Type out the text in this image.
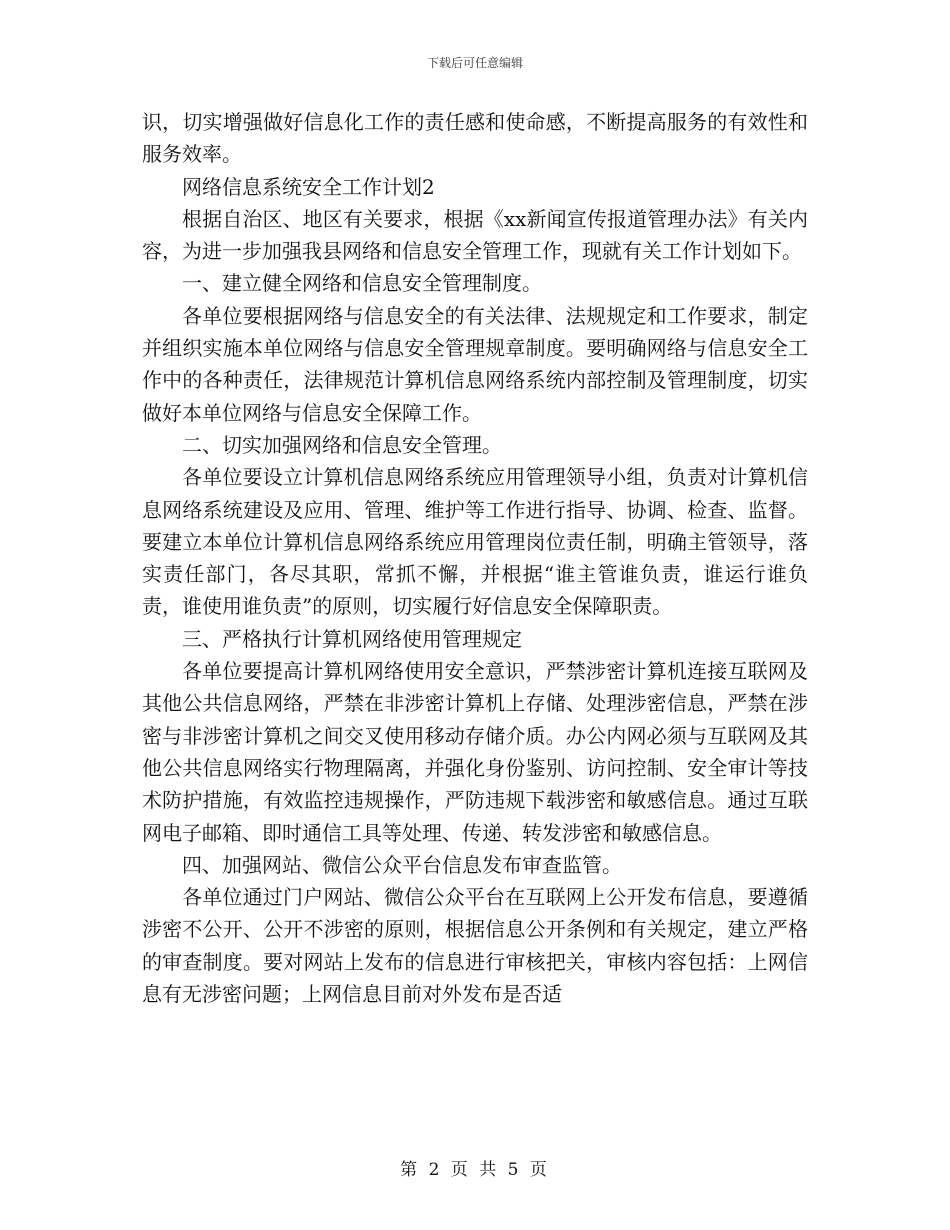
下载后可任意编辑

识，切实增强做好信息化工作的责任感和使命感，不断提高服务的有效性和服务效率。

网络信息系统安全工作计划2

根据自治区、地区有关要求，根据《xx新闻宣传报道管理办法》有关内容，为进一步加强我县网络和信息安全管理工作，现就有关工作计划如下。

一、建立健全网络和信息安全管理制度。

各单位要根据网络与信息安全的有关法律、法规规定和工作要求，制定并组织实施本单位网络与信息安全管理规章制度。要明确网络与信息安全工作中的各种责任，法律规范计算机信息网络系统内部控制及管理制度，切实做好本单位网络与信息安全保障工作。

二、切实加强网络和信息安全管理。

各单位要设立计算机信息网络系统应用管理领导小组，负责对计算机信息网络系统建设及应用、管理、维护等工作进行指导、协调、检查、监督。要建立本单位计算机信息网络系统应用管理岗位责任制，明确主管领导，落实责任部门，各尽其职，常抓不懈，并根据“谁主管谁负责，谁运行谁负责，谁使用谁负责”的原则，切实履行好信息安全保障职责。

三、严格执行计算机网络使用管理规定

各单位要提高计算机网络使用安全意识，严禁涉密计算机连接互联网及其他公共信息网络，严禁在非涉密计算机上存储、处理涉密信息，严禁在涉密与非涉密计算机之间交叉使用移动存储介质。办公内网必须与互联网及其他公共信息网络实行物理隔离，并强化身份鉴别、访问控制、安全审计等技术防护措施，有效监控违规操作，严防违规下载涉密和敏感信息。通过互联网电子邮箱、即时通信工具等处理、传递、转发涉密和敏感信息。

四、加强网站、微信公众平台信息发布审查监管。

各单位通过门户网站、微信公众平台在互联网上公开发布信息，要遵循涉密不公开、公开不涉密的原则，根据信息公开条例和有关规定，建立严格的审查制度。要对网站上发布的信息进行审核把关，审核内容包括：上网信息有无涉密问题；上网信息目前对外发布是否适

第 2 页 共 5 页
